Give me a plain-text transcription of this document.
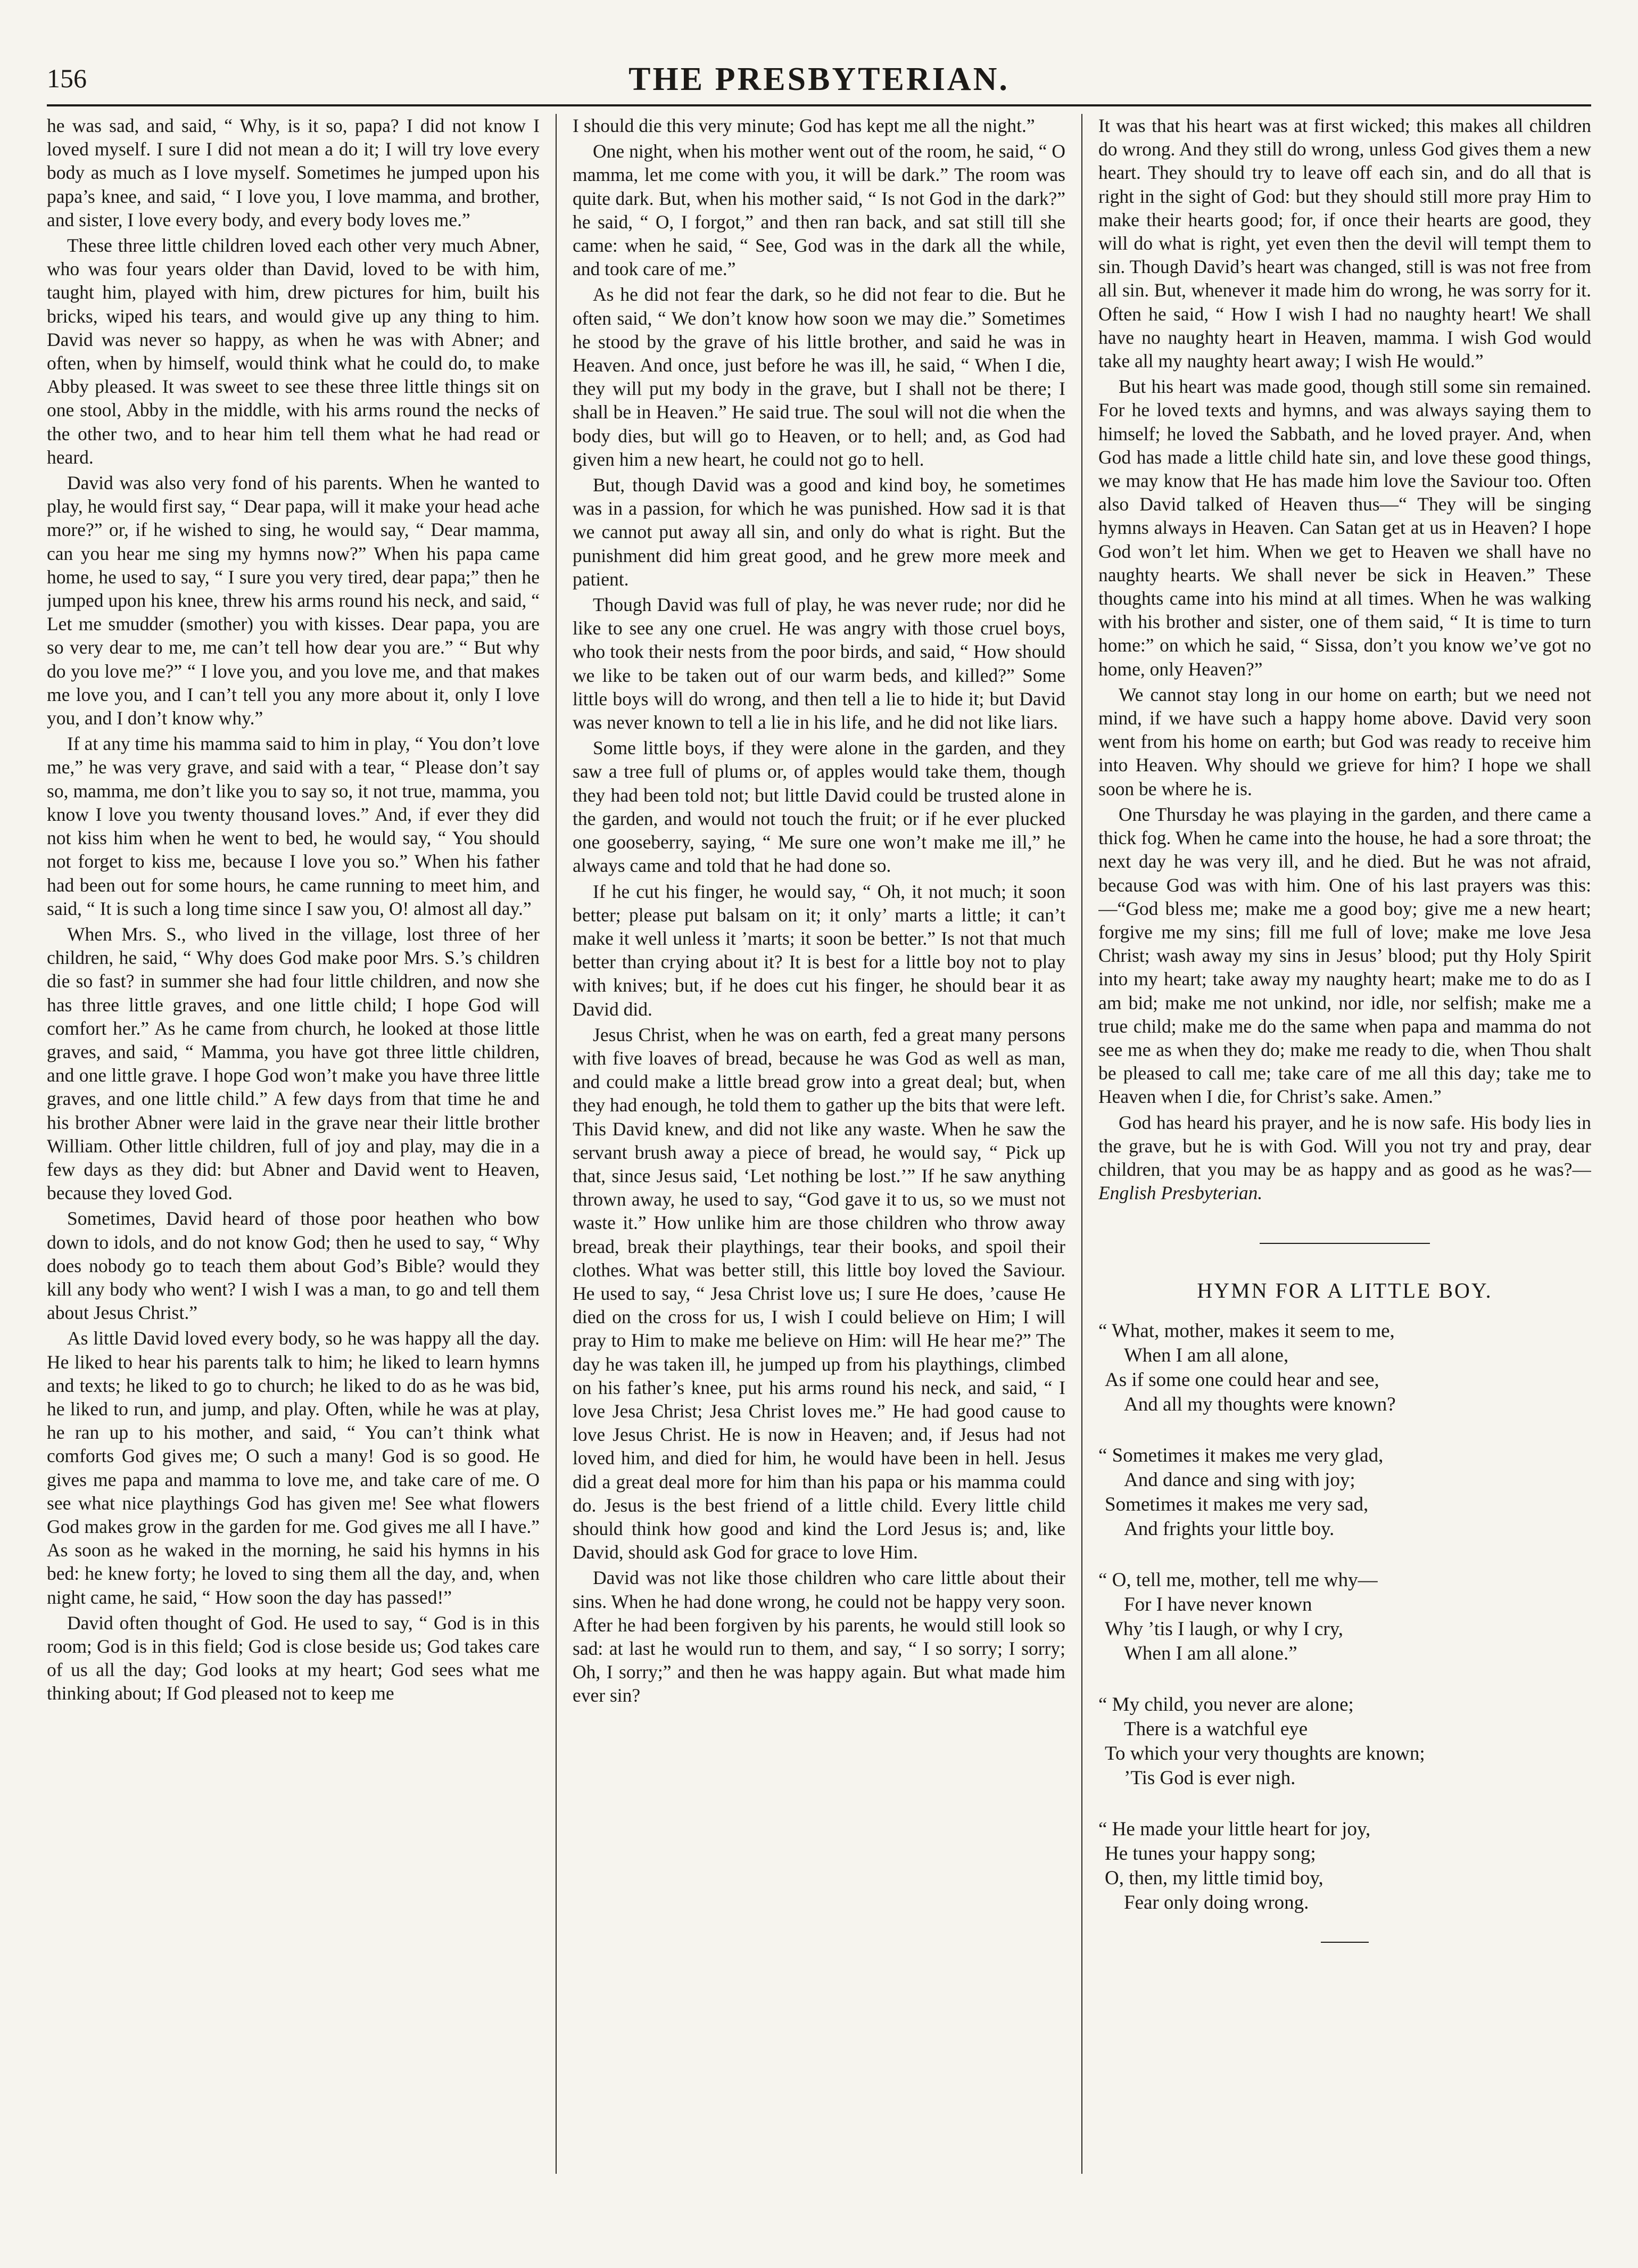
156	THE PRESBYTERIAN.

he was sad, and said, “ Why, is it so, papa? I did not know I loved myself. I sure I did not mean a do it; I will try love every body as much as I love myself. Sometimes he jumped upon his papa’s knee, and said, “ I love you, I love mamma, and brother, and sister, I love every body, and every body loves me.”

These three little children loved each other very much Abner, who was four years older than David, loved to be with him, taught him, played with him, drew pictures for him, built his bricks, wiped his tears, and would give up any thing to him. David was never so happy, as when he was with Abner; and often, when by himself, would think what he could do, to make Abby pleased. It was sweet to see these three little things sit on one stool, Abby in the middle, with his arms round the necks of the other two, and to hear him tell them what he had read or heard.

David was also very fond of his parents. When he wanted to play, he would first say, “ Dear papa, will it make your head ache more?” or, if he wished to sing, he would say, “ Dear mamma, can you hear me sing my hymns now?” When his papa came home, he used to say, “ I sure you very tired, dear papa;” then he jumped upon his knee, threw his arms round his neck, and said, “ Let me smudder (smother) you with kisses. Dear papa, you are so very dear to me, me can’t tell how dear you are.” “ But why do you love me?” “ I love you, and you love me, and that makes me love you, and I can’t tell you any more about it, only I love you, and I don’t know why.”

If at any time his mamma said to him in play, “ You don’t love me,” he was very grave, and said with a tear, “ Please don’t say so, mamma, me don’t like you to say so, it not true, mamma, you know I love you twenty thousand loves.” And, if ever they did not kiss him when he went to bed, he would say, “ You should not forget to kiss me, because I love you so.” When his father had been out for some hours, he came running to meet him, and said, “ It is such a long time since I saw you, O! almost all day.”

When Mrs. S., who lived in the village, lost three of her children, he said, “ Why does God make poor Mrs. S.’s children die so fast? in summer she had four little children, and now she has three little graves, and one little child; I hope God will comfort her.” As he came from church, he looked at those little graves, and said, “ Mamma, you have got three little children, and one little grave. I hope God won’t make you have three little graves, and one little child.” A few days from that time he and his brother Abner were laid in the grave near their little brother William. Other little children, full of joy and play, may die in a few days as they did: but Abner and David went to Heaven, because they loved God.

Sometimes, David heard of those poor heathen who bow down to idols, and do not know God; then he used to say, “ Why does nobody go to teach them about God’s Bible? would they kill any body who went? I wish I was a man, to go and tell them about Jesus Christ.”

As little David loved every body, so he was happy all the day. He liked to hear his parents talk to him; he liked to learn hymns and texts; he liked to go to church; he liked to do as he was bid, he liked to run, and jump, and play. Often, while he was at play, he ran up to his mother, and said, “ You can’t think what comforts God gives me; O such a many! God is so good. He gives me papa and mamma to love me, and take care of me. O see what nice playthings God has given me! See what flowers God makes grow in the garden for me. God gives me all I have.” As soon as he waked in the morning, he said his hymns in his bed: he knew forty; he loved to sing them all the day, and, when night came, he said, “ How soon the day has passed!”

David often thought of God. He used to say, “ God is in this room; God is in this field; God is close beside us; God takes care of us all the day; God looks at my heart; God sees what me thinking about; If God pleased not to keep me

I should die this very minute; God has kept me all the night.”

One night, when his mother went out of the room, he said, “ O mamma, let me come with you, it will be dark.” The room was quite dark. But, when his mother said, “ Is not God in the dark?” he said, “ O, I forgot,” and then ran back, and sat still till she came: when he said, “ See, God was in the dark all the while, and took care of me.”

As he did not fear the dark, so he did not fear to die. But he often said, “ We don’t know how soon we may die.” Sometimes he stood by the grave of his little brother, and said he was in Heaven. And once, just before he was ill, he said, “ When I die, they will put my body in the grave, but I shall not be there; I shall be in Heaven.” He said true. The soul will not die when the body dies, but will go to Heaven, or to hell; and, as God had given him a new heart, he could not go to hell.

But, though David was a good and kind boy, he sometimes was in a passion, for which he was punished. How sad it is that we cannot put away all sin, and only do what is right. But the punishment did him great good, and he grew more meek and patient.

Though David was full of play, he was never rude; nor did he like to see any one cruel. He was angry with those cruel boys, who took their nests from the poor birds, and said, “ How should we like to be taken out of our warm beds, and killed?” Some little boys will do wrong, and then tell a lie to hide it; but David was never known to tell a lie in his life, and he did not like liars.

Some little boys, if they were alone in the garden, and they saw a tree full of plums or, of apples would take them, though they had been told not; but little David could be trusted alone in the garden, and would not touch the fruit; or if he ever plucked one gooseberry, saying, “ Me sure one won’t make me ill,” he always came and told that he had done so.

If he cut his finger, he would say, “ Oh, it not much; it soon better; please put balsam on it; it only’ marts a little; it can’t make it well unless it ’marts; it soon be better.” Is not that much better than crying about it? It is best for a little boy not to play with knives; but, if he does cut his finger, he should bear it as David did.

Jesus Christ, when he was on earth, fed a great many persons with five loaves of bread, because he was God as well as man, and could make a little bread grow into a great deal; but, when they had enough, he told them to gather up the bits that were left. This David knew, and did not like any waste. When he saw the servant brush away a piece of bread, he would say, “ Pick up that, since Jesus said, ‘Let nothing be lost.’” If he saw anything thrown away, he used to say, “God gave it to us, so we must not waste it.” How unlike him are those children who throw away bread, break their playthings, tear their books, and spoil their clothes. What was better still, this little boy loved the Saviour. He used to say, “ Jesa Christ love us; I sure He does, ’cause He died on the cross for us, I wish I could believe on Him; I will pray to Him to make me believe on Him: will He hear me?” The day he was taken ill, he jumped up from his playthings, climbed on his father’s knee, put his arms round his neck, and said, “ I love Jesa Christ; Jesa Christ loves me.” He had good cause to love Jesus Christ. He is now in Heaven; and, if Jesus had not loved him, and died for him, he would have been in hell. Jesus did a great deal more for him than his papa or his mamma could do. Jesus is the best friend of a little child. Every little child should think how good and kind the Lord Jesus is; and, like David, should ask God for grace to love Him.

David was not like those children who care little about their sins. When he had done wrong, he could not be happy very soon. After he had been forgiven by his parents, he would still look so sad: at last he would run to them, and say, “ I so sorry; I sorry; Oh, I sorry;” and then he was happy again. But what made him ever sin?

It was that his heart was at first wicked; this makes all children do wrong. And they still do wrong, unless God gives them a new heart. They should try to leave off each sin, and do all that is right in the sight of God: but they should still more pray Him to make their hearts good; for, if once their hearts are good, they will do what is right, yet even then the devil will tempt them to sin. Though David’s heart was changed, still is was not free from all sin. But, whenever it made him do wrong, he was sorry for it. Often he said, “ How I wish I had no naughty heart! We shall have no naughty heart in Heaven, mamma. I wish God would take all my naughty heart away; I wish He would.”

But his heart was made good, though still some sin remained. For he loved texts and hymns, and was always saying them to himself; he loved the Sabbath, and he loved prayer. And, when God has made a little child hate sin, and love these good things, we may know that He has made him love the Saviour too. Often also David talked of Heaven thus—“ They will be singing hymns always in Heaven. Can Satan get at us in Heaven? I hope God won’t let him. When we get to Heaven we shall have no naughty hearts. We shall never be sick in Heaven.” These thoughts came into his mind at all times. When he was walking with his brother and sister, one of them said, “ It is time to turn home:” on which he said, “ Sissa, don’t you know we’ve got no home, only Heaven?”

We cannot stay long in our home on earth; but we need not mind, if we have such a happy home above. David very soon went from his home on earth; but God was ready to receive him into Heaven. Why should we grieve for him? I hope we shall soon be where he is.

One Thursday he was playing in the garden, and there came a thick fog. When he came into the house, he had a sore throat; the next day he was very ill, and he died. But he was not afraid, because God was with him. One of his last prayers was this:—“God bless me; make me a good boy; give me a new heart; forgive me my sins; fill me full of love; make me love Jesa Christ; wash away my sins in Jesus’ blood; put thy Holy Spirit into my heart; take away my naughty heart; make me to do as I am bid; make me not unkind, nor idle, nor selfish; make me a true child; make me do the same when papa and mamma do not see me as when they do; make me ready to die, when Thou shalt be pleased to call me; take care of me all this day; take me to Heaven when I die, for Christ’s sake. Amen.”

God has heard his prayer, and he is now safe. His body lies in the grave, but he is with God. Will you not try and pray, dear children, that you may be as happy and as good as he was?— English Presbyterian.

HYMN FOR A LITTLE BOY.
“ What, mother, makes it seem to me,
When I am all alone,
As if some one could hear and see,
And all my thoughts were known?
“ Sometimes it makes me very glad,
And dance and sing with joy;
Sometimes it makes me very sad,
And frights your little boy.
“ O, tell me, mother, tell me why—
For I have never known
Why ’tis I laugh, or why I cry,
When I am all alone.”
“ My child, you never are alone;
There is a watchful eye
To which your very thoughts are known;
’Tis God is ever nigh.
“ He made your little heart for joy,
He tunes your happy song;
O, then, my little timid boy,
Fear only doing wrong.
